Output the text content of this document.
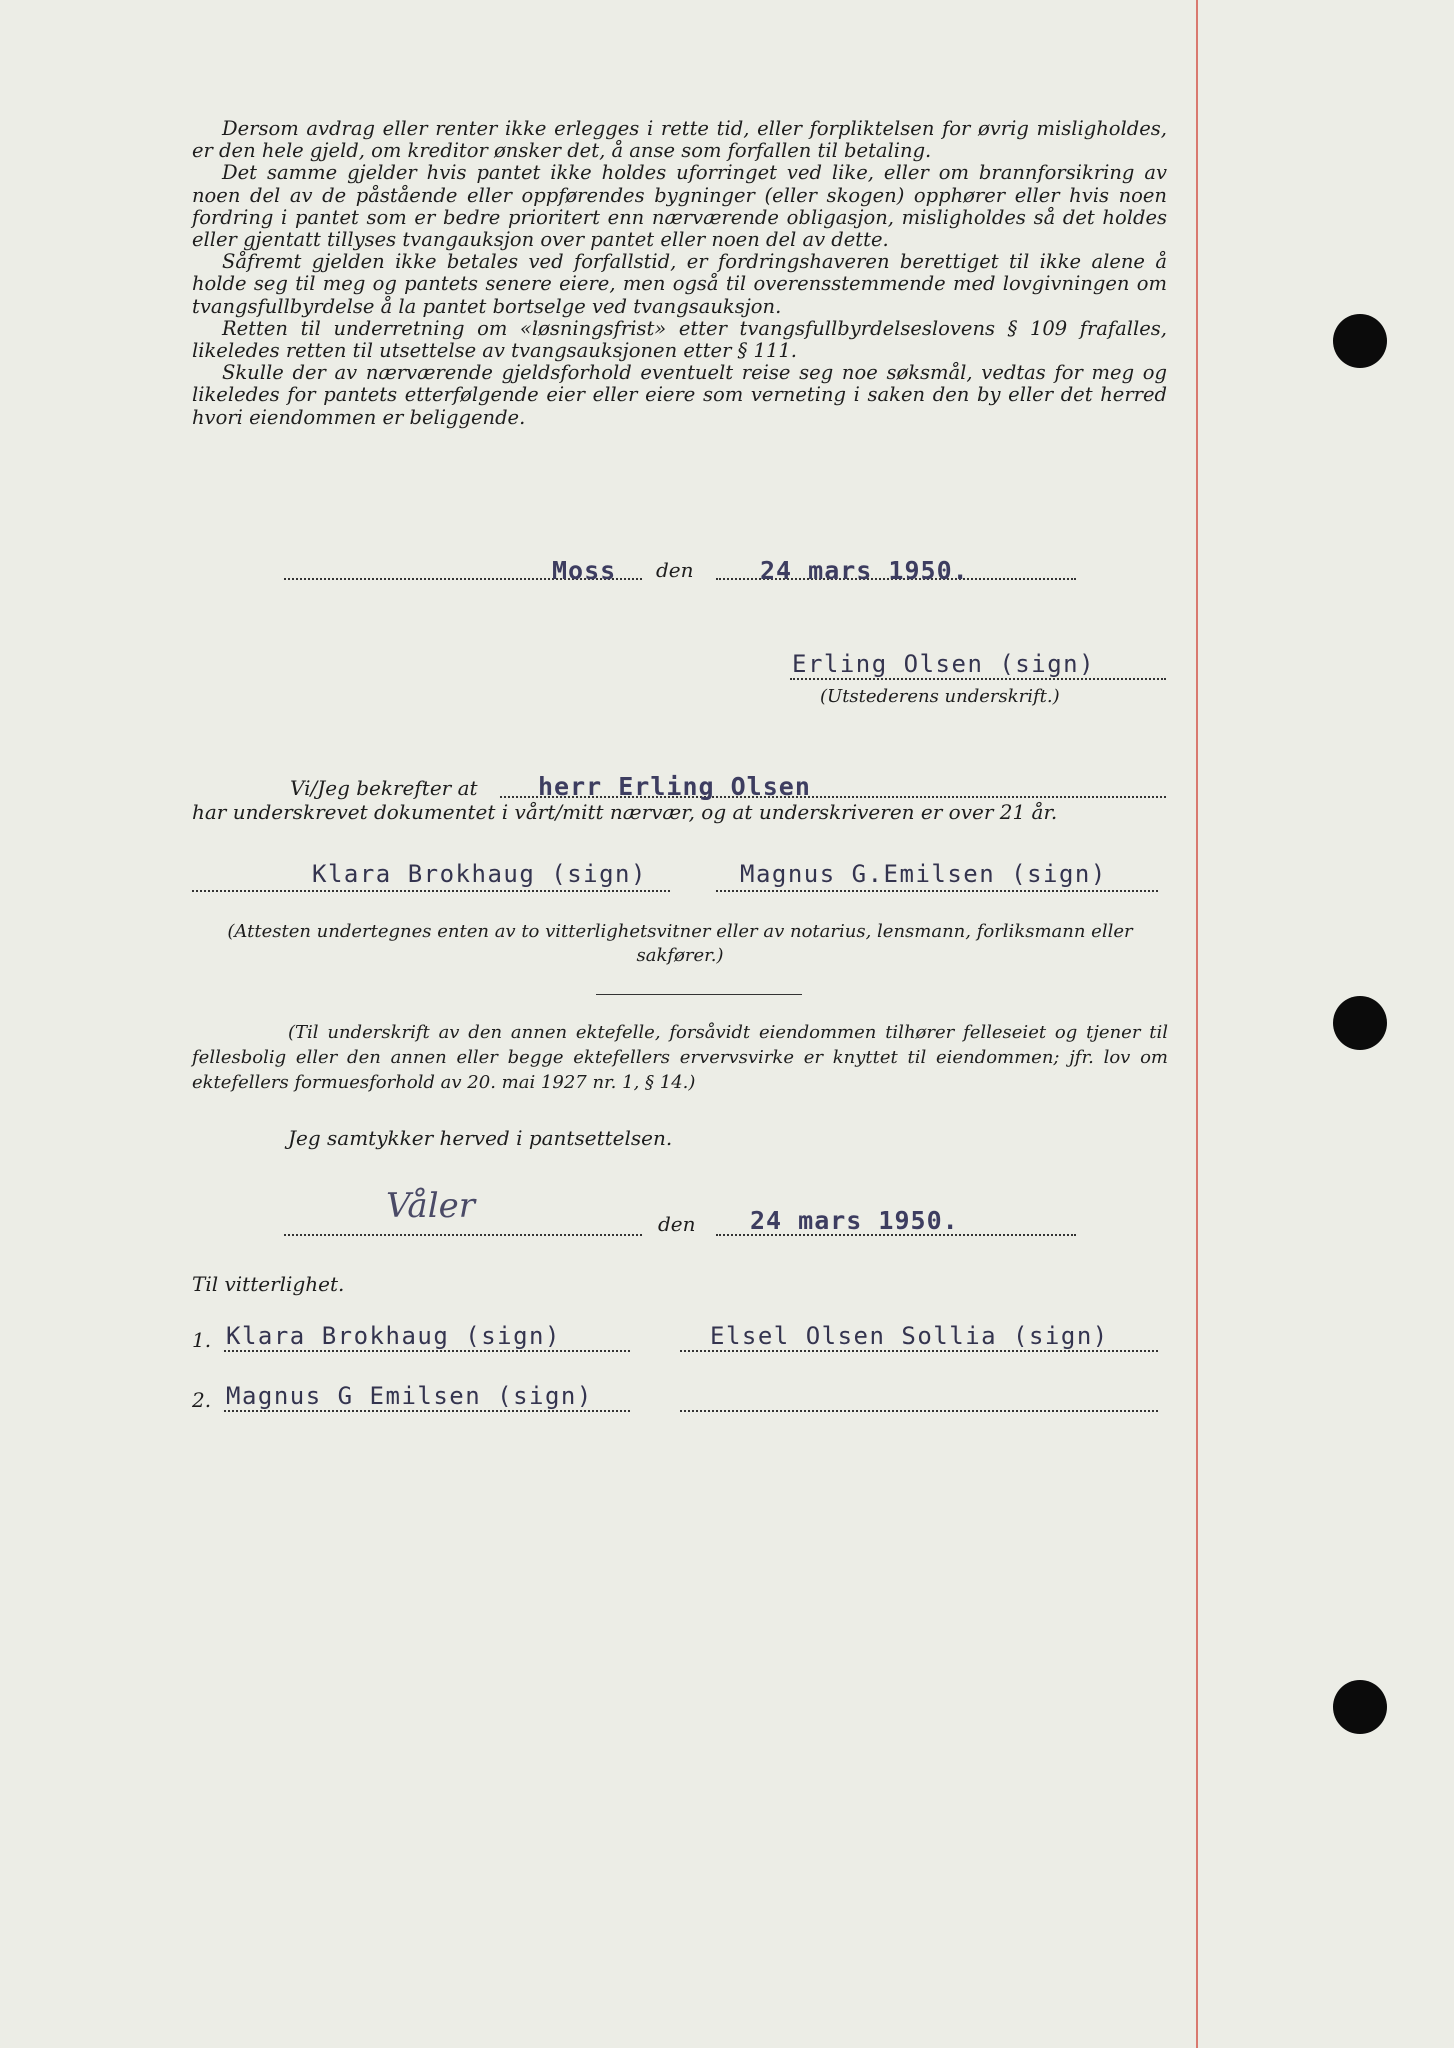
Dersom avdrag eller renter ikke erlegges i rette tid, eller forpliktelsen for øvrig misligholdes, er den hele gjeld, om kreditor ønsker det, å anse som forfallen til betaling.

Det samme gjelder hvis pantet ikke holdes uforringet ved like, eller om brannforsikring av noen del av de påstående eller oppførendes bygninger (eller skogen) opphører eller hvis noen fordring i pantet som er bedre prioritert enn nærværende obligasjon, misligholdes så det holdes eller gjentatt tillyses tvangauksjon over pantet eller noen del av dette.

Såfremt gjelden ikke betales ved forfallstid, er fordringshaveren berettiget til ikke alene å holde seg til meg og pantets senere eiere, men også til overensstemmende med lovgivningen om tvangsfullbyrdelse å la pantet bortselge ved tvangsauksjon.

Retten til underretning om «løsningsfrist» etter tvangsfullbyrdelseslovens § 109 frafalles, likeledes retten til utsettelse av tvangsauksjonen etter § 111.

Skulle der av nærværende gjeldsforhold eventuelt reise seg noe søksmål, vedtas for meg og likeledes for pantets etterfølgende eier eller eiere som verneting i saken den by eller det herred hvori eiendommen er beliggende.

Moss den	24 mars 1950.
Erling Olsen (sign)
(Utstederens underskrift.)
Vi/Jeg bekrefter at herr Erling Olsen
har underskrevet dokumentet i vårt/mitt nærvær, og at underskriveren er over 21 år.
Klara Brokhaug (sign)	Magnus G.Emilsen (sign)
(Attesten undertegnes enten av to vitterlighetsvitner eller av notarius, lensmann, forliksmann eller sakfører.)
(Til underskrift av den annen ektefelle, forsåvidt eiendommen tilhører felleseiet og tjener til fellesbolig eller den annen eller begge ektefellers ervervsvirke er knyttet til eiendommen; jfr. lov om ektefellers formuesforhold av 20. mai 1927 nr. 1, § 14.)
Jeg samtykker herved i pantsettelsen.
Våler	den 24 mars 1950.
Til vitterlighet.
1. Klara Brokhaug (sign)	Elsel Olsen Sollia (sign)
2. Magnus G Emilsen (sign)
